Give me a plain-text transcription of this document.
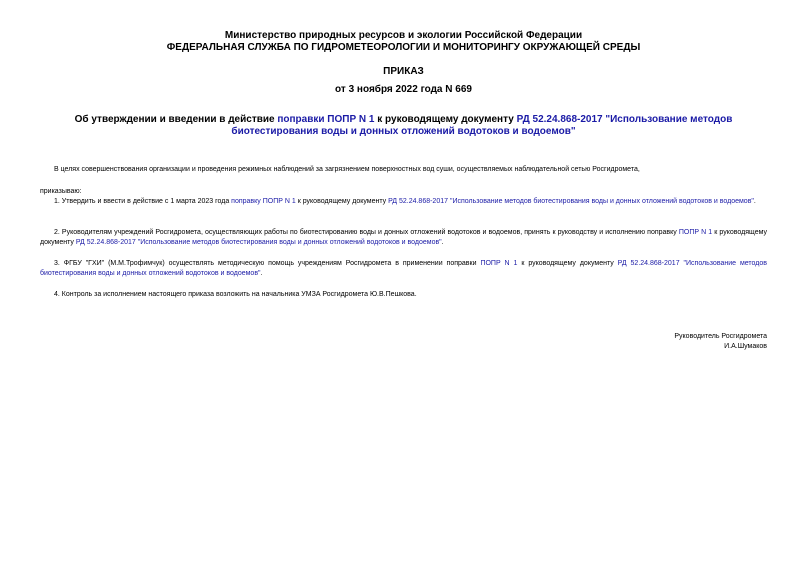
Министерство природных ресурсов и экологии Российской Федерации
ФЕДЕРАЛЬНАЯ СЛУЖБА ПО ГИДРОМЕТЕОРОЛОГИИ И МОНИТОРИНГУ ОКРУЖАЮЩЕЙ СРЕДЫ
ПРИКАЗ
от 3 ноября 2022 года N 669
Об утверждении и введении в действие поправки ПОПР N 1 к руководящему документу РД 52.24.868-2017 "Использование методов биотестирования воды и донных отложений водотоков и водоемов"
В целях совершенствования организации и проведения режимных наблюдений за загрязнением поверхностных вод суши, осуществляемых наблюдательной сетью Росгидромета,
приказываю:
1. Утвердить и ввести в действие с 1 марта 2023 года поправку ПОПР N 1 к руководящему документу РД 52.24.868-2017 "Использование методов биотестирования воды и донных отложений водотоков и водоемов".
2. Руководителям учреждений Росгидромета, осуществляющих работы по биотестированию воды и донных отложений водотоков и водоемов, принять к руководству и исполнению поправку ПОПР N 1 к руководящему документу РД 52.24.868-2017 "Использование методов биотестирования воды и донных отложений водотоков и водоемов".
3. ФГБУ "ГХИ" (М.М.Трофимчук) осуществлять методическую помощь учреждениям Росгидромета в применении поправки ПОПР N 1 к руководящему документу РД 52.24.868-2017 "Использование методов биотестирования воды и донных отложений водотоков и водоемов".
4. Контроль за исполнением настоящего приказа возложить на начальника УМЗА Росгидромета Ю.В.Пешкова.
Руководитель Росгидромета
И.А.Шумаков
